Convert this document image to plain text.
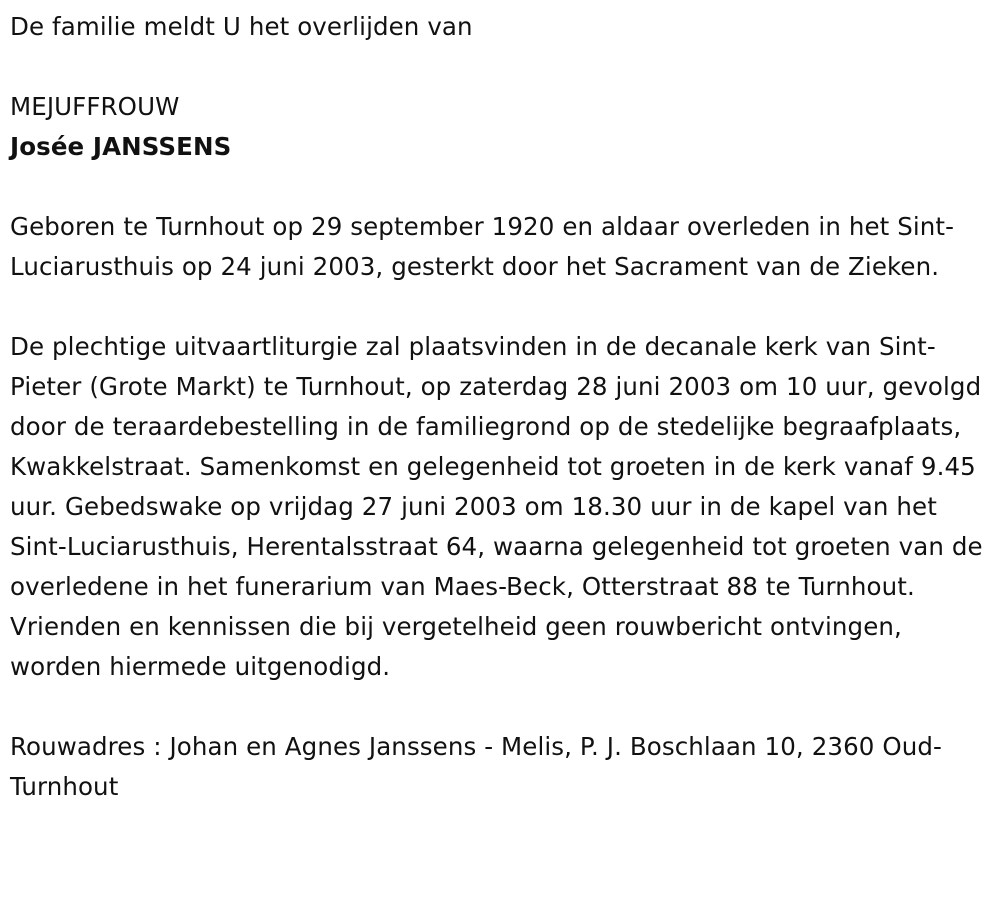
De familie meldt U het overlijden van

MEJUFFROUW

Josée JANSSENS

Geboren te Turnhout op 29 september 1920 en aldaar overleden in het Sint-Luciarusthuis op 24 juni 2003, gesterkt door het Sacrament van de Zieken.

De plechtige uitvaartliturgie zal plaatsvinden in de decanale kerk van Sint-Pieter (Grote Markt) te Turnhout, op zaterdag 28 juni 2003 om 10 uur, gevolgd door de teraardebestelling in de familiegrond op de stedelijke begraafplaats, Kwakkelstraat. Samenkomst en gelegenheid tot groeten in de kerk vanaf 9.45 uur. Gebedswake op vrijdag 27 juni 2003 om 18.30 uur in de kapel van het Sint-Luciarusthuis, Herentalsstraat 64, waarna gelegenheid tot groeten van de overledene in het funerarium van Maes-Beck, Otterstraat 88 te Turnhout. Vrienden en kennissen die bij vergetelheid geen rouwbericht ontvingen, worden hiermede uitgenodigd.

Rouwadres : Johan en Agnes Janssens - Melis, P. J. Boschlaan 10, 2360 Oud-Turnhout
